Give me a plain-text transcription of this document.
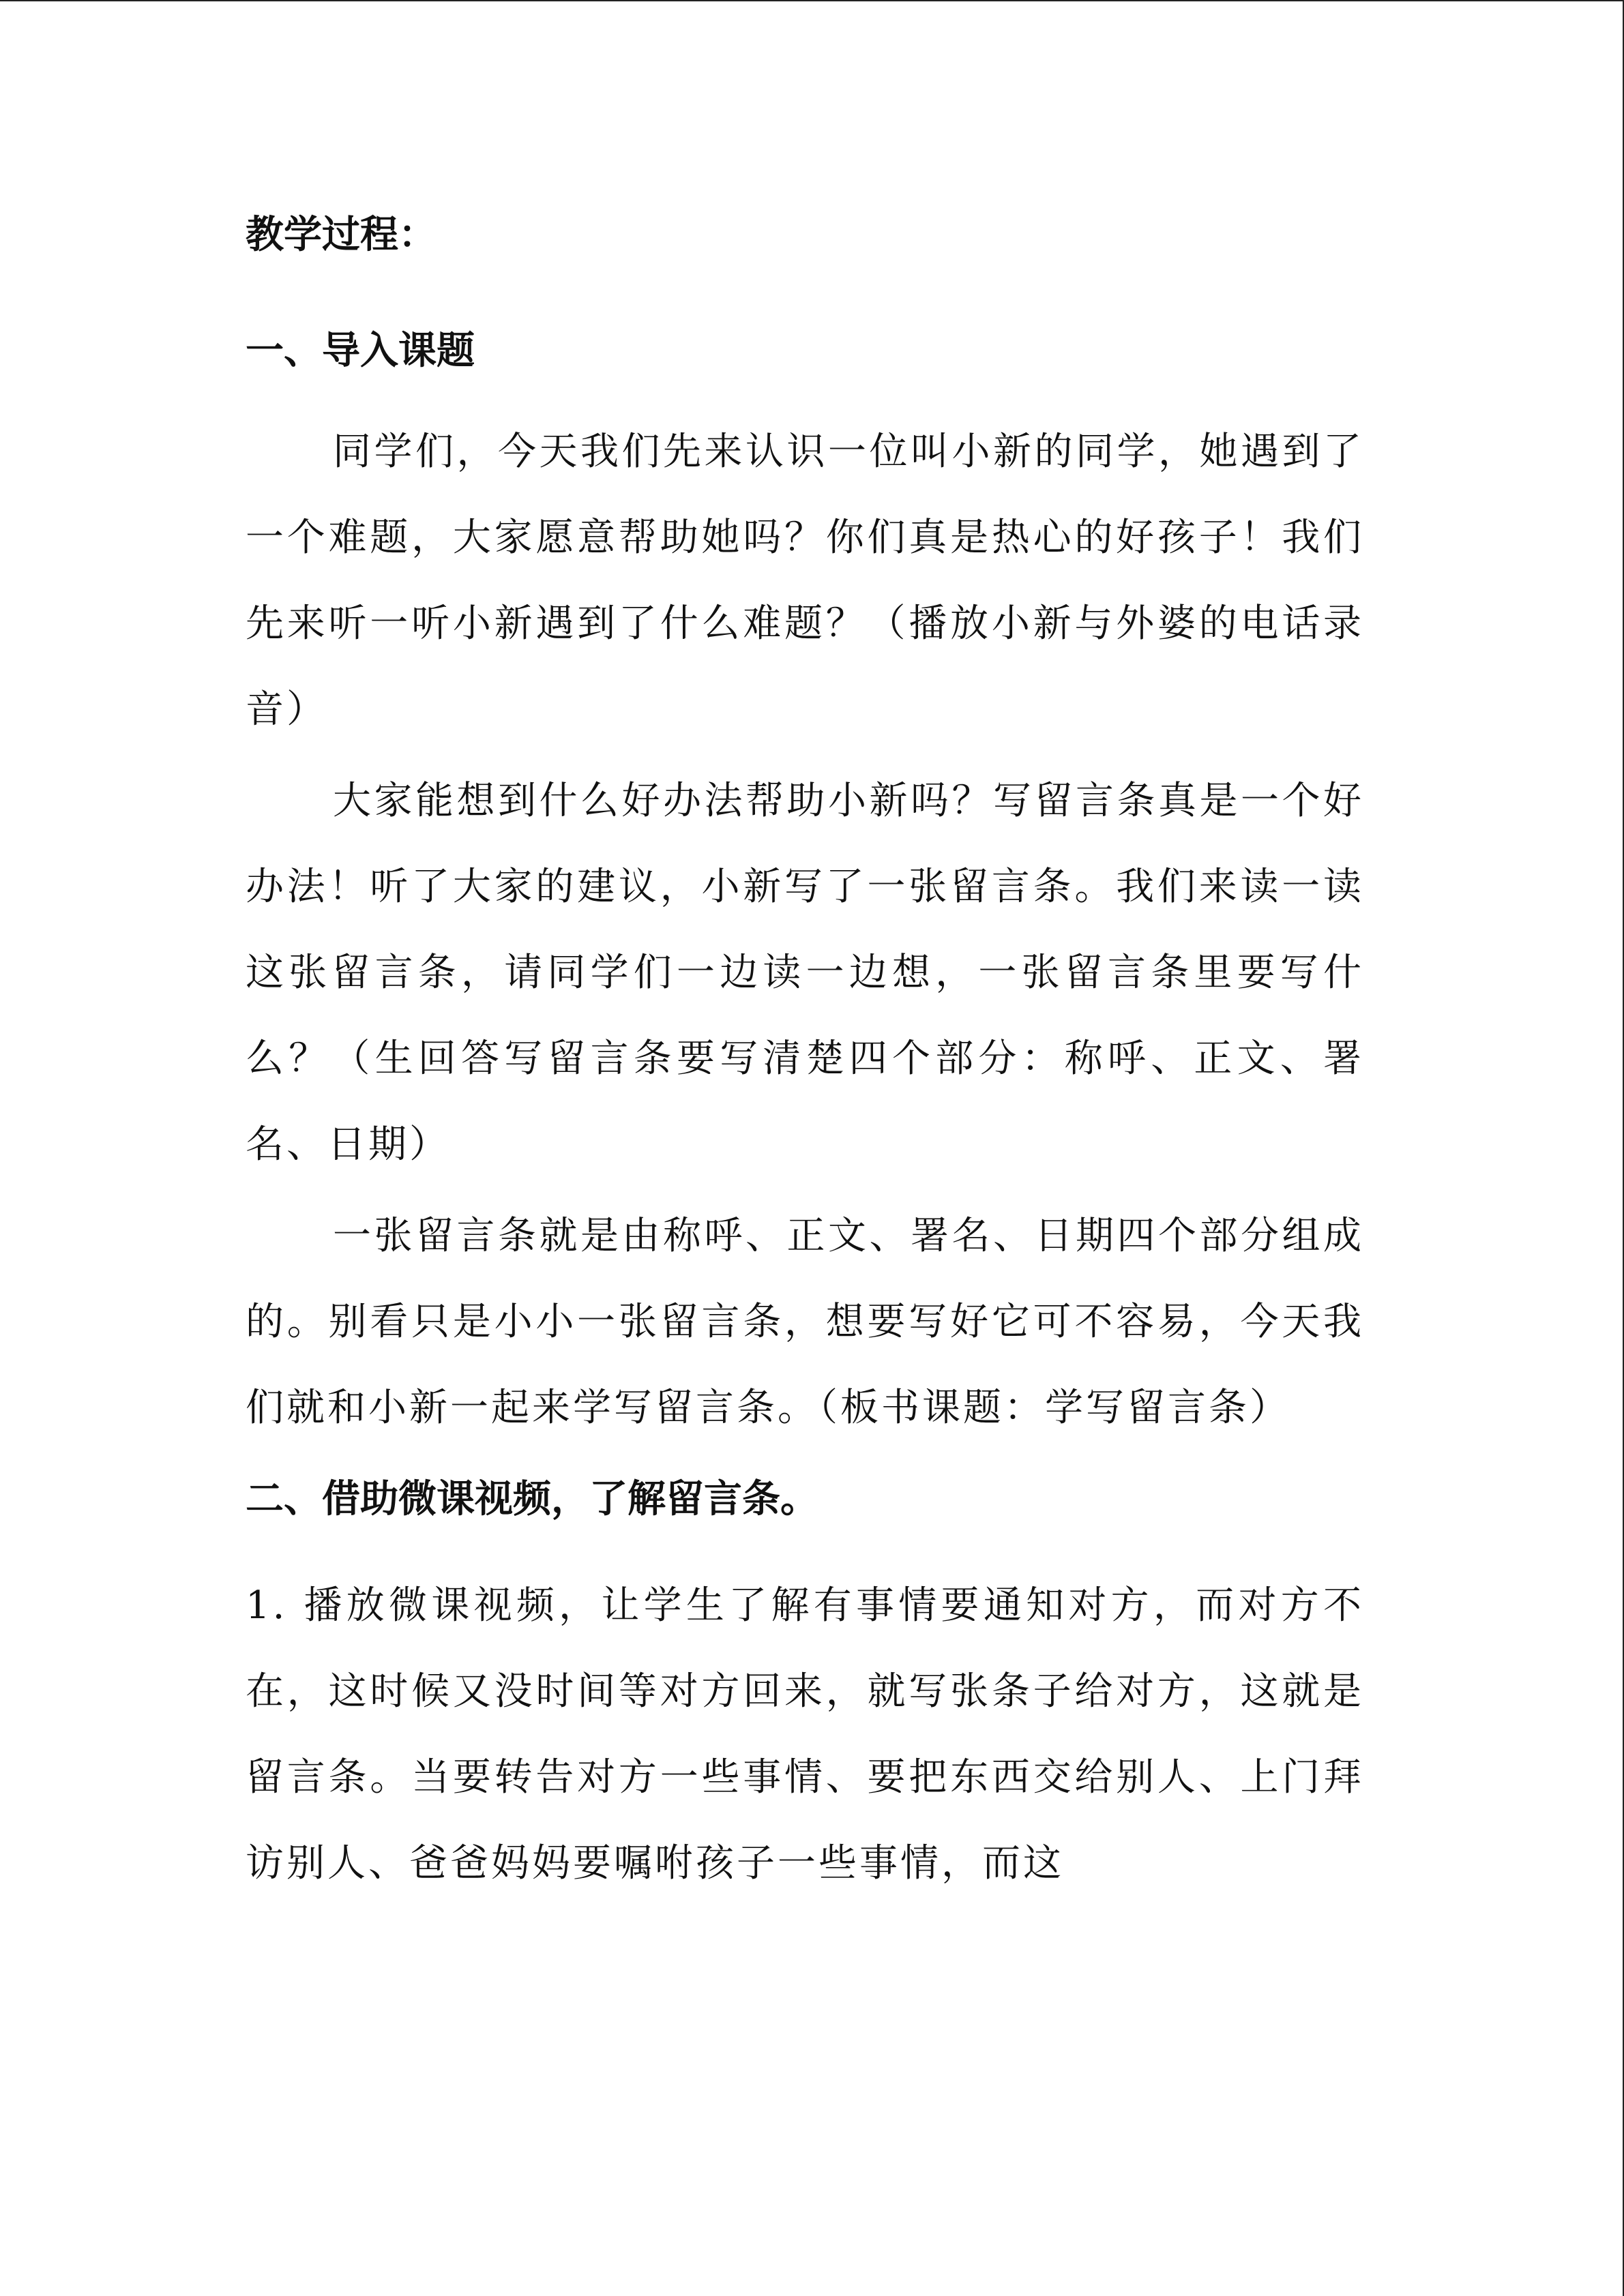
教学过程：

一、导入课题

同学们，今天我们先来认识一位叫小新的同学，她遇到了一个难题，大家愿意帮助她吗？你们真是热心的好孩子！我们先来听一听小新遇到了什么难题？（播放小新与外婆的电话录音）

大家能想到什么好办法帮助小新吗？写留言条真是一个好办法！听了大家的建议，小新写了一张留言条。我们来读一读这张留言条，请同学们一边读一边想，一张留言条里要写什么？（生回答写留言条要写清楚四个部分：称呼、正文、署名、日期）

一张留言条就是由称呼、正文、署名、日期四个部分组成的。别看只是小小一张留言条，想要写好它可不容易，今天我们就和小新一起来学写留言条。（板书课题：学写留言条）

二、借助微课视频，了解留言条。

1. 播放微课视频，让学生了解有事情要通知对方，而对方不在，这时候又没时间等对方回来，就写张条子给对方，这就是留言条。当要转告对方一些事情、要把东西交给别人、上门拜访别人、爸爸妈妈要嘱咐孩子一些事情，而这
